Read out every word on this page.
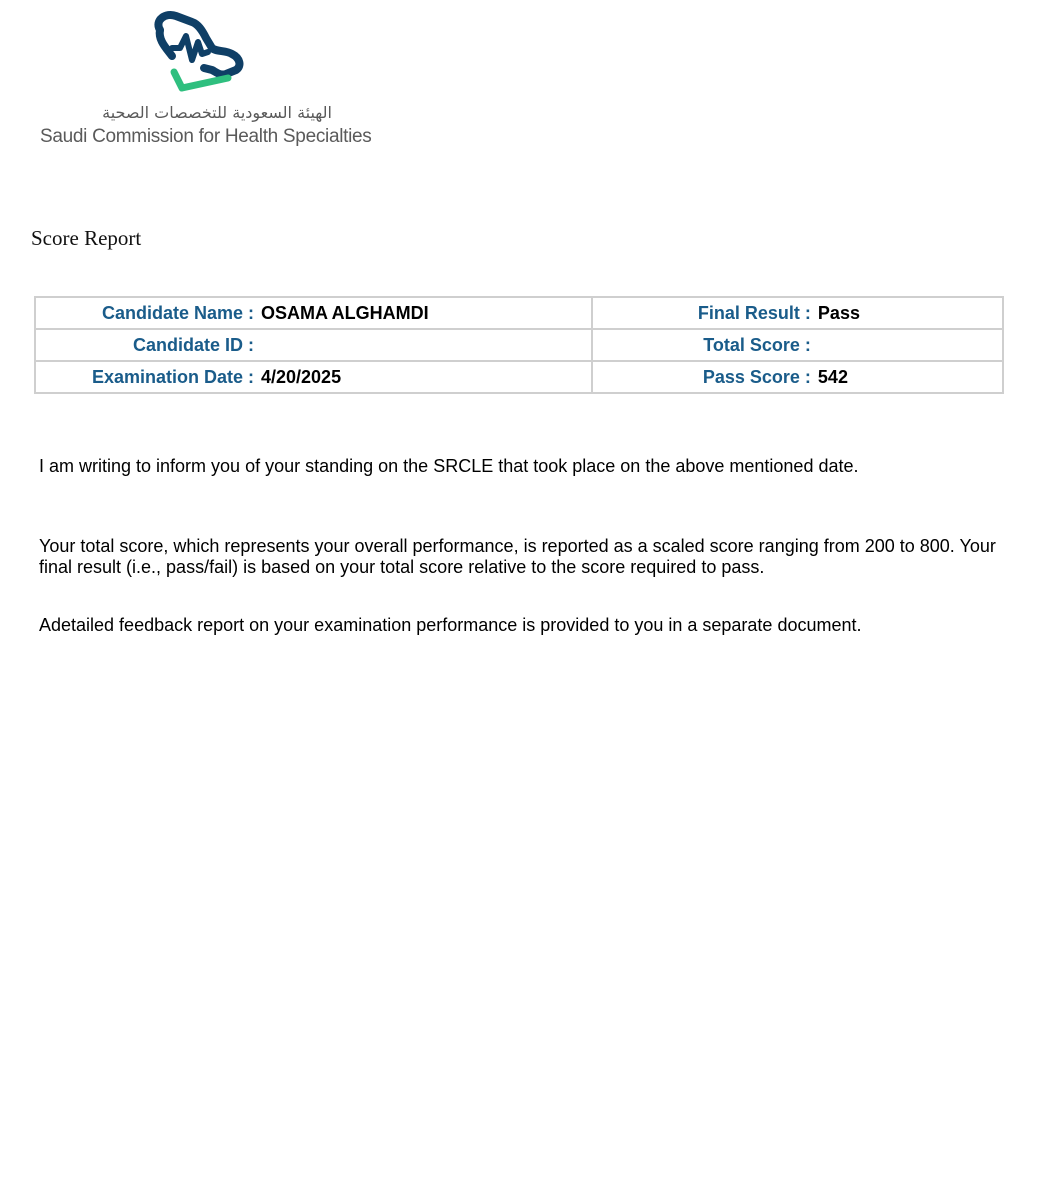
الهيئة السعودية للتخصصات الصحية
Saudi Commission for Health Specialties
Score Report
Candidate Name : OSAMA ALGHAMDI	Final Result : Pass

Candidate ID :	Total Score :

Examination Date : 4/20/2025	Pass Score : 542

I am writing to inform you of your standing on the SRCLE that took place on the above mentioned date.

Your total score, which represents your overall performance, is reported as a scaled score ranging from 200 to 800. Your final result (i.e., pass/fail) is based on your total score relative to the score required to pass.

Adetailed feedback report on your examination performance is provided to you in a separate document.
